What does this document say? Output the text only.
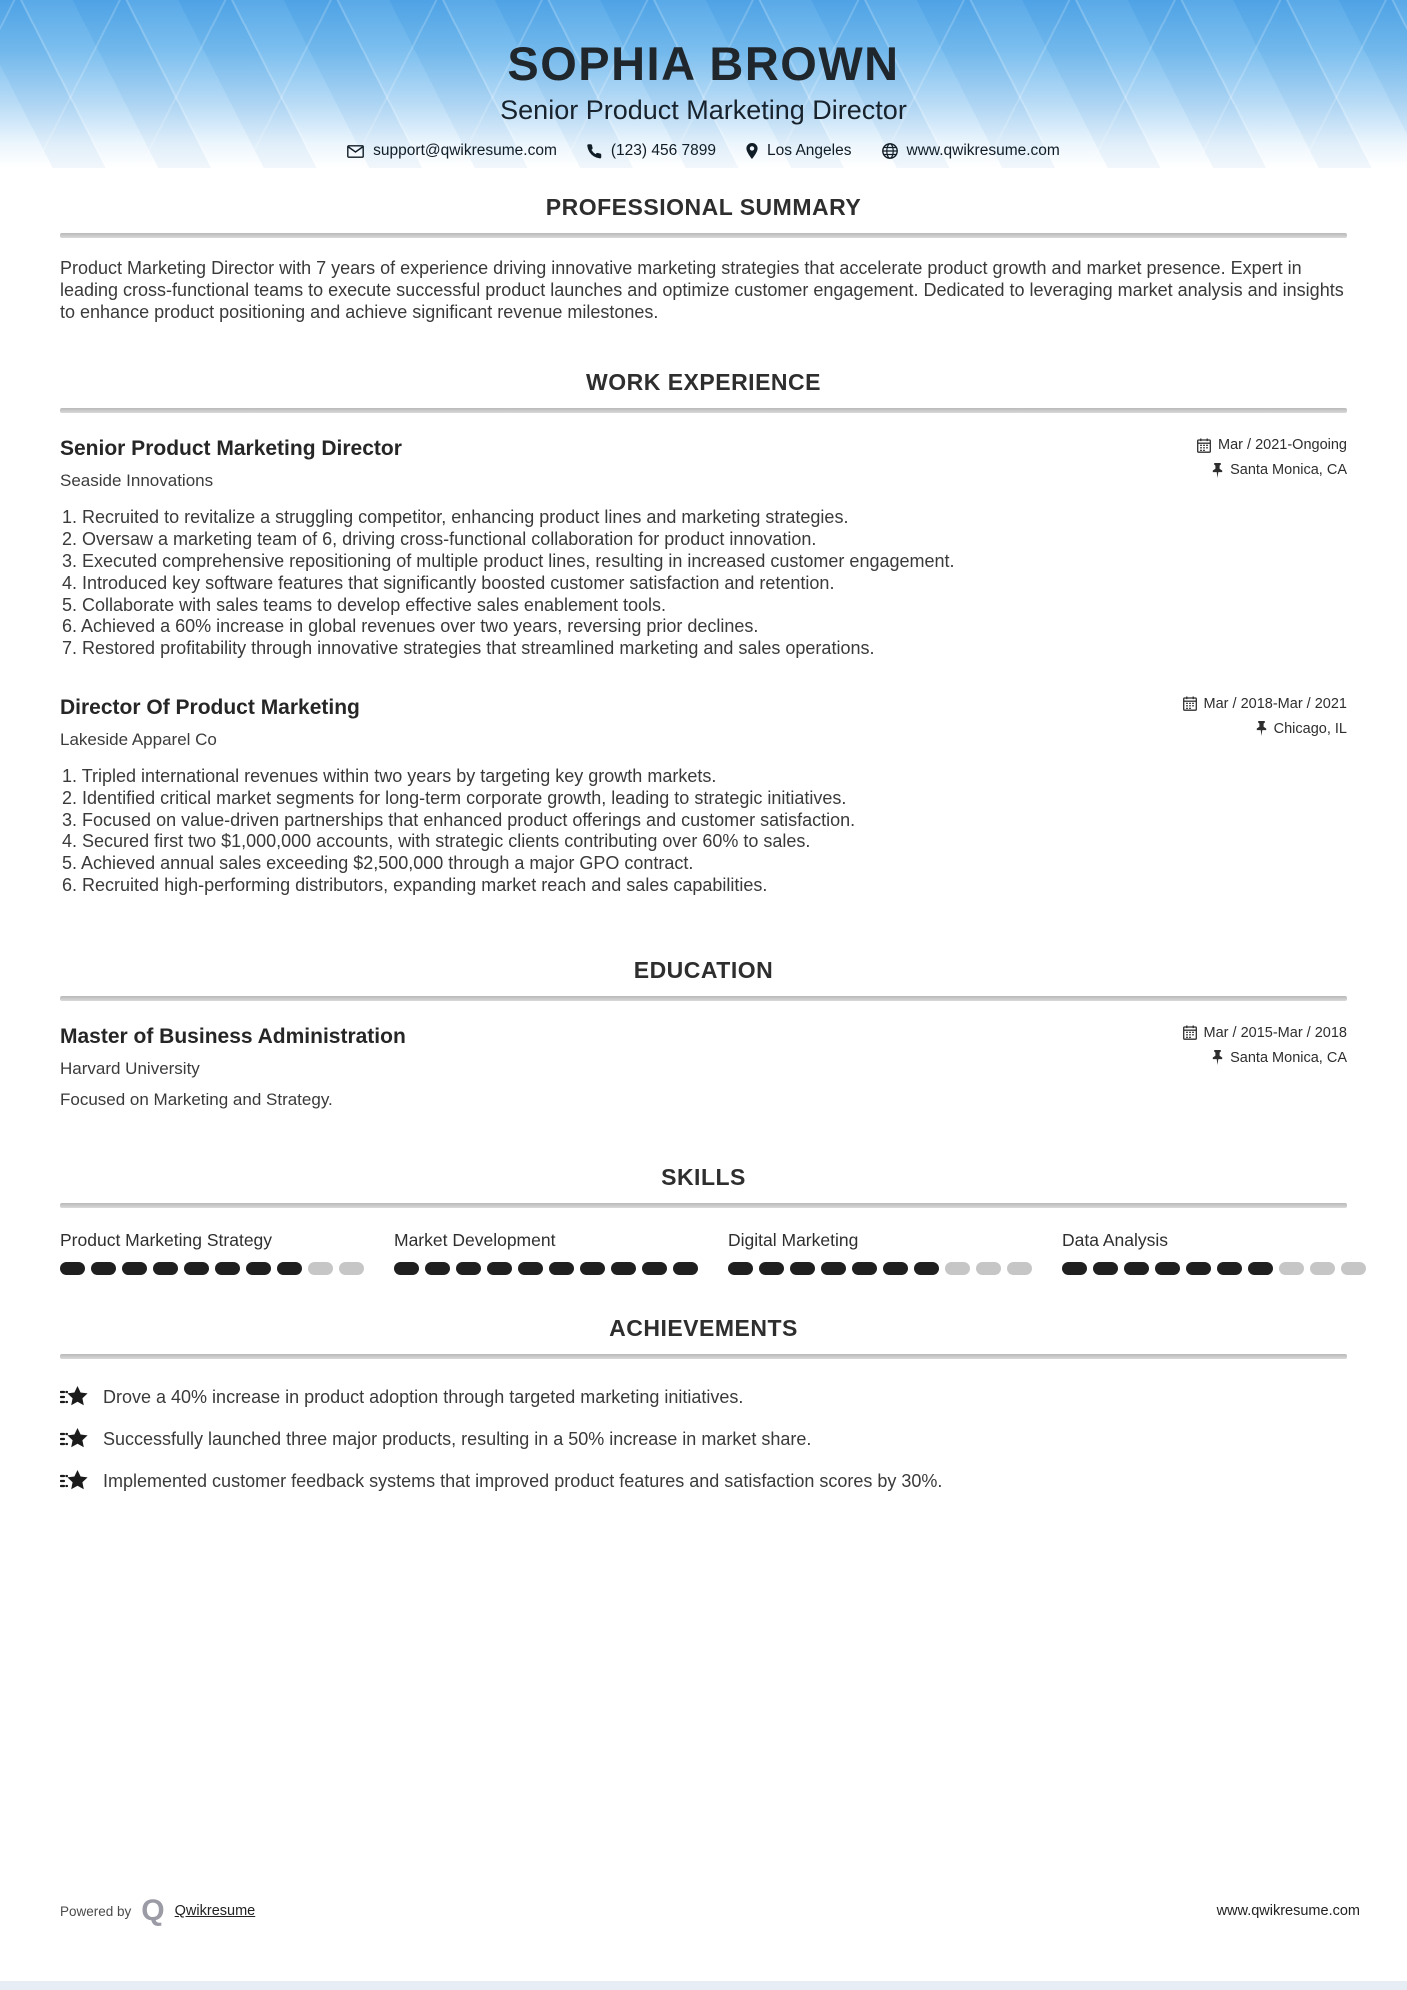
SOPHIA BROWN
Senior Product Marketing Director
support@qwikresume.com	(123) 456 7899	Los Angeles	www.qwikresume.com
PROFESSIONAL SUMMARY

Product Marketing Director with 7 years of experience driving innovative marketing strategies that accelerate product growth and market presence. Expert in leading cross-functional teams to execute successful product launches and optimize customer engagement. Dedicated to leveraging market analysis and insights to enhance product positioning and achieve significant revenue milestones.

WORK EXPERIENCE
Senior Product Marketing Director
Seaside Innovations
Mar / 2021-Ongoing
Santa Monica, CA
Recruited to revitalize a struggling competitor, enhancing product lines and marketing strategies.
Oversaw a marketing team of 6, driving cross-functional collaboration for product innovation.
Executed comprehensive repositioning of multiple product lines, resulting in increased customer engagement.
Introduced key software features that significantly boosted customer satisfaction and retention.
Collaborate with sales teams to develop effective sales enablement tools.
Achieved a 60% increase in global revenues over two years, reversing prior declines.
Restored profitability through innovative strategies that streamlined marketing and sales operations.
Director Of Product Marketing
Lakeside Apparel Co
Mar / 2018-Mar / 2021
Chicago, IL
Tripled international revenues within two years by targeting key growth markets.
Identified critical market segments for long-term corporate growth, leading to strategic initiatives.
Focused on value-driven partnerships that enhanced product offerings and customer satisfaction.
Secured first two $1,000,000 accounts, with strategic clients contributing over 60% to sales.
Achieved annual sales exceeding $2,500,000 through a major GPO contract.
Recruited high-performing distributors, expanding market reach and sales capabilities.
EDUCATION
Master of Business Administration
Harvard University
Focused on Marketing and Strategy.
Mar / 2015-Mar / 2018
Santa Monica, CA
SKILLS
Product Marketing Strategy	Market Development	Digital Marketing	Data Analysis
ACHIEVEMENTS
Drove a 40% increase in product adoption through targeted marketing initiatives.
Successfully launched three major products, resulting in a 50% increase in market share.
Implemented customer feedback systems that improved product features and satisfaction scores by 30%.
Powered by Q Qwikresume	www.qwikresume.com
